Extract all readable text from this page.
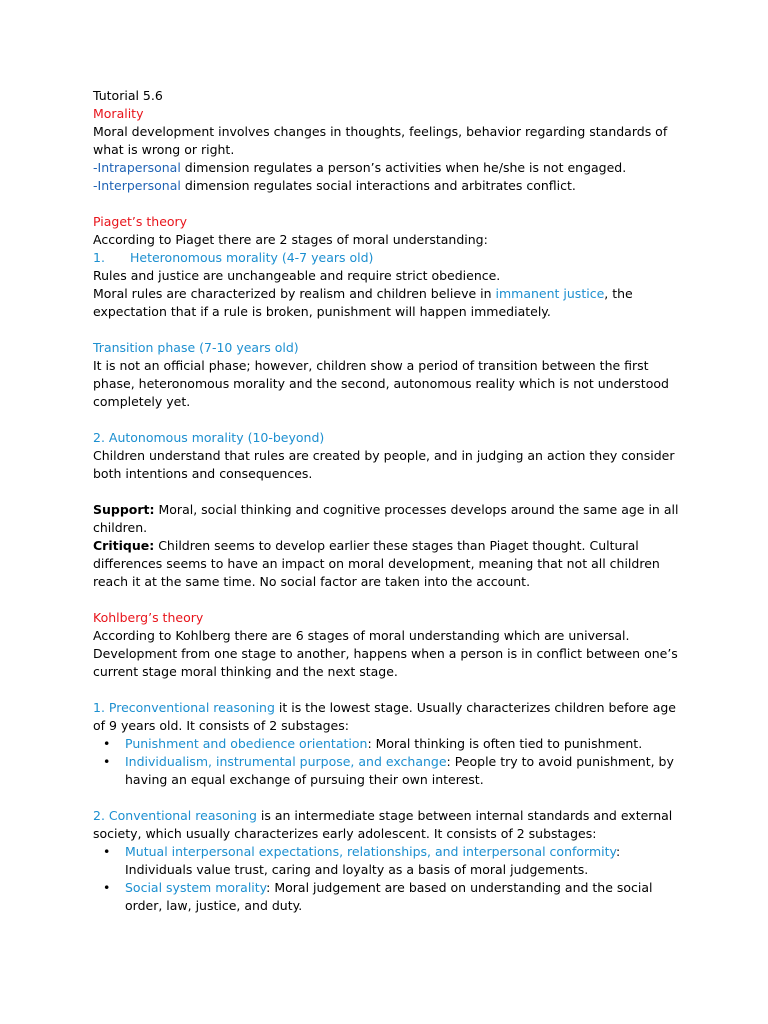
Tutorial 5.6

Morality

Moral development involves changes in thoughts, feelings, behavior regarding standards of what is wrong or right.

-Intrapersonal dimension regulates a person’s activities when he/she is not engaged.

-Interpersonal dimension regulates social interactions and arbitrates conflict.

Piaget’s theory

According to Piaget there are 2 stages of moral understanding:

1. Heteronomous morality (4-7 years old)

Rules and justice are unchangeable and require strict obedience.

Moral rules are characterized by realism and children believe in immanent justice, the expectation that if a rule is broken, punishment will happen immediately.

Transition phase (7-10 years old)

It is not an official phase; however, children show a period of transition between the first phase, heteronomous morality and the second, autonomous reality which is not understood completely yet.

2. Autonomous morality (10-beyond)

Children understand that rules are created by people, and in judging an action they consider both intentions and consequences.

Support: Moral, social thinking and cognitive processes develops around the same age in all children.

Critique: Children seems to develop earlier these stages than Piaget thought. Cultural differences seems to have an impact on moral development, meaning that not all children reach it at the same time. No social factor are taken into the account.

Kohlberg’s theory

According to Kohlberg there are 6 stages of moral understanding which are universal. Development from one stage to another, happens when a person is in conflict between one’s current stage moral thinking and the next stage.

1. Preconventional reasoning it is the lowest stage. Usually characterizes children before age of 9 years old. It consists of 2 substages:

• Punishment and obedience orientation: Moral thinking is often tied to punishment.
• Individualism, instrumental purpose, and exchange: People try to avoid punishment, by having an equal exchange of pursuing their own interest.

2. Conventional reasoning is an intermediate stage between internal standards and external society, which usually characterizes early adolescent. It consists of 2 substages:

• Mutual interpersonal expectations, relationships, and interpersonal conformity: Individuals value trust, caring and loyalty as a basis of moral judgements.
• Social system morality: Moral judgement are based on understanding and the social order, law, justice, and duty.
